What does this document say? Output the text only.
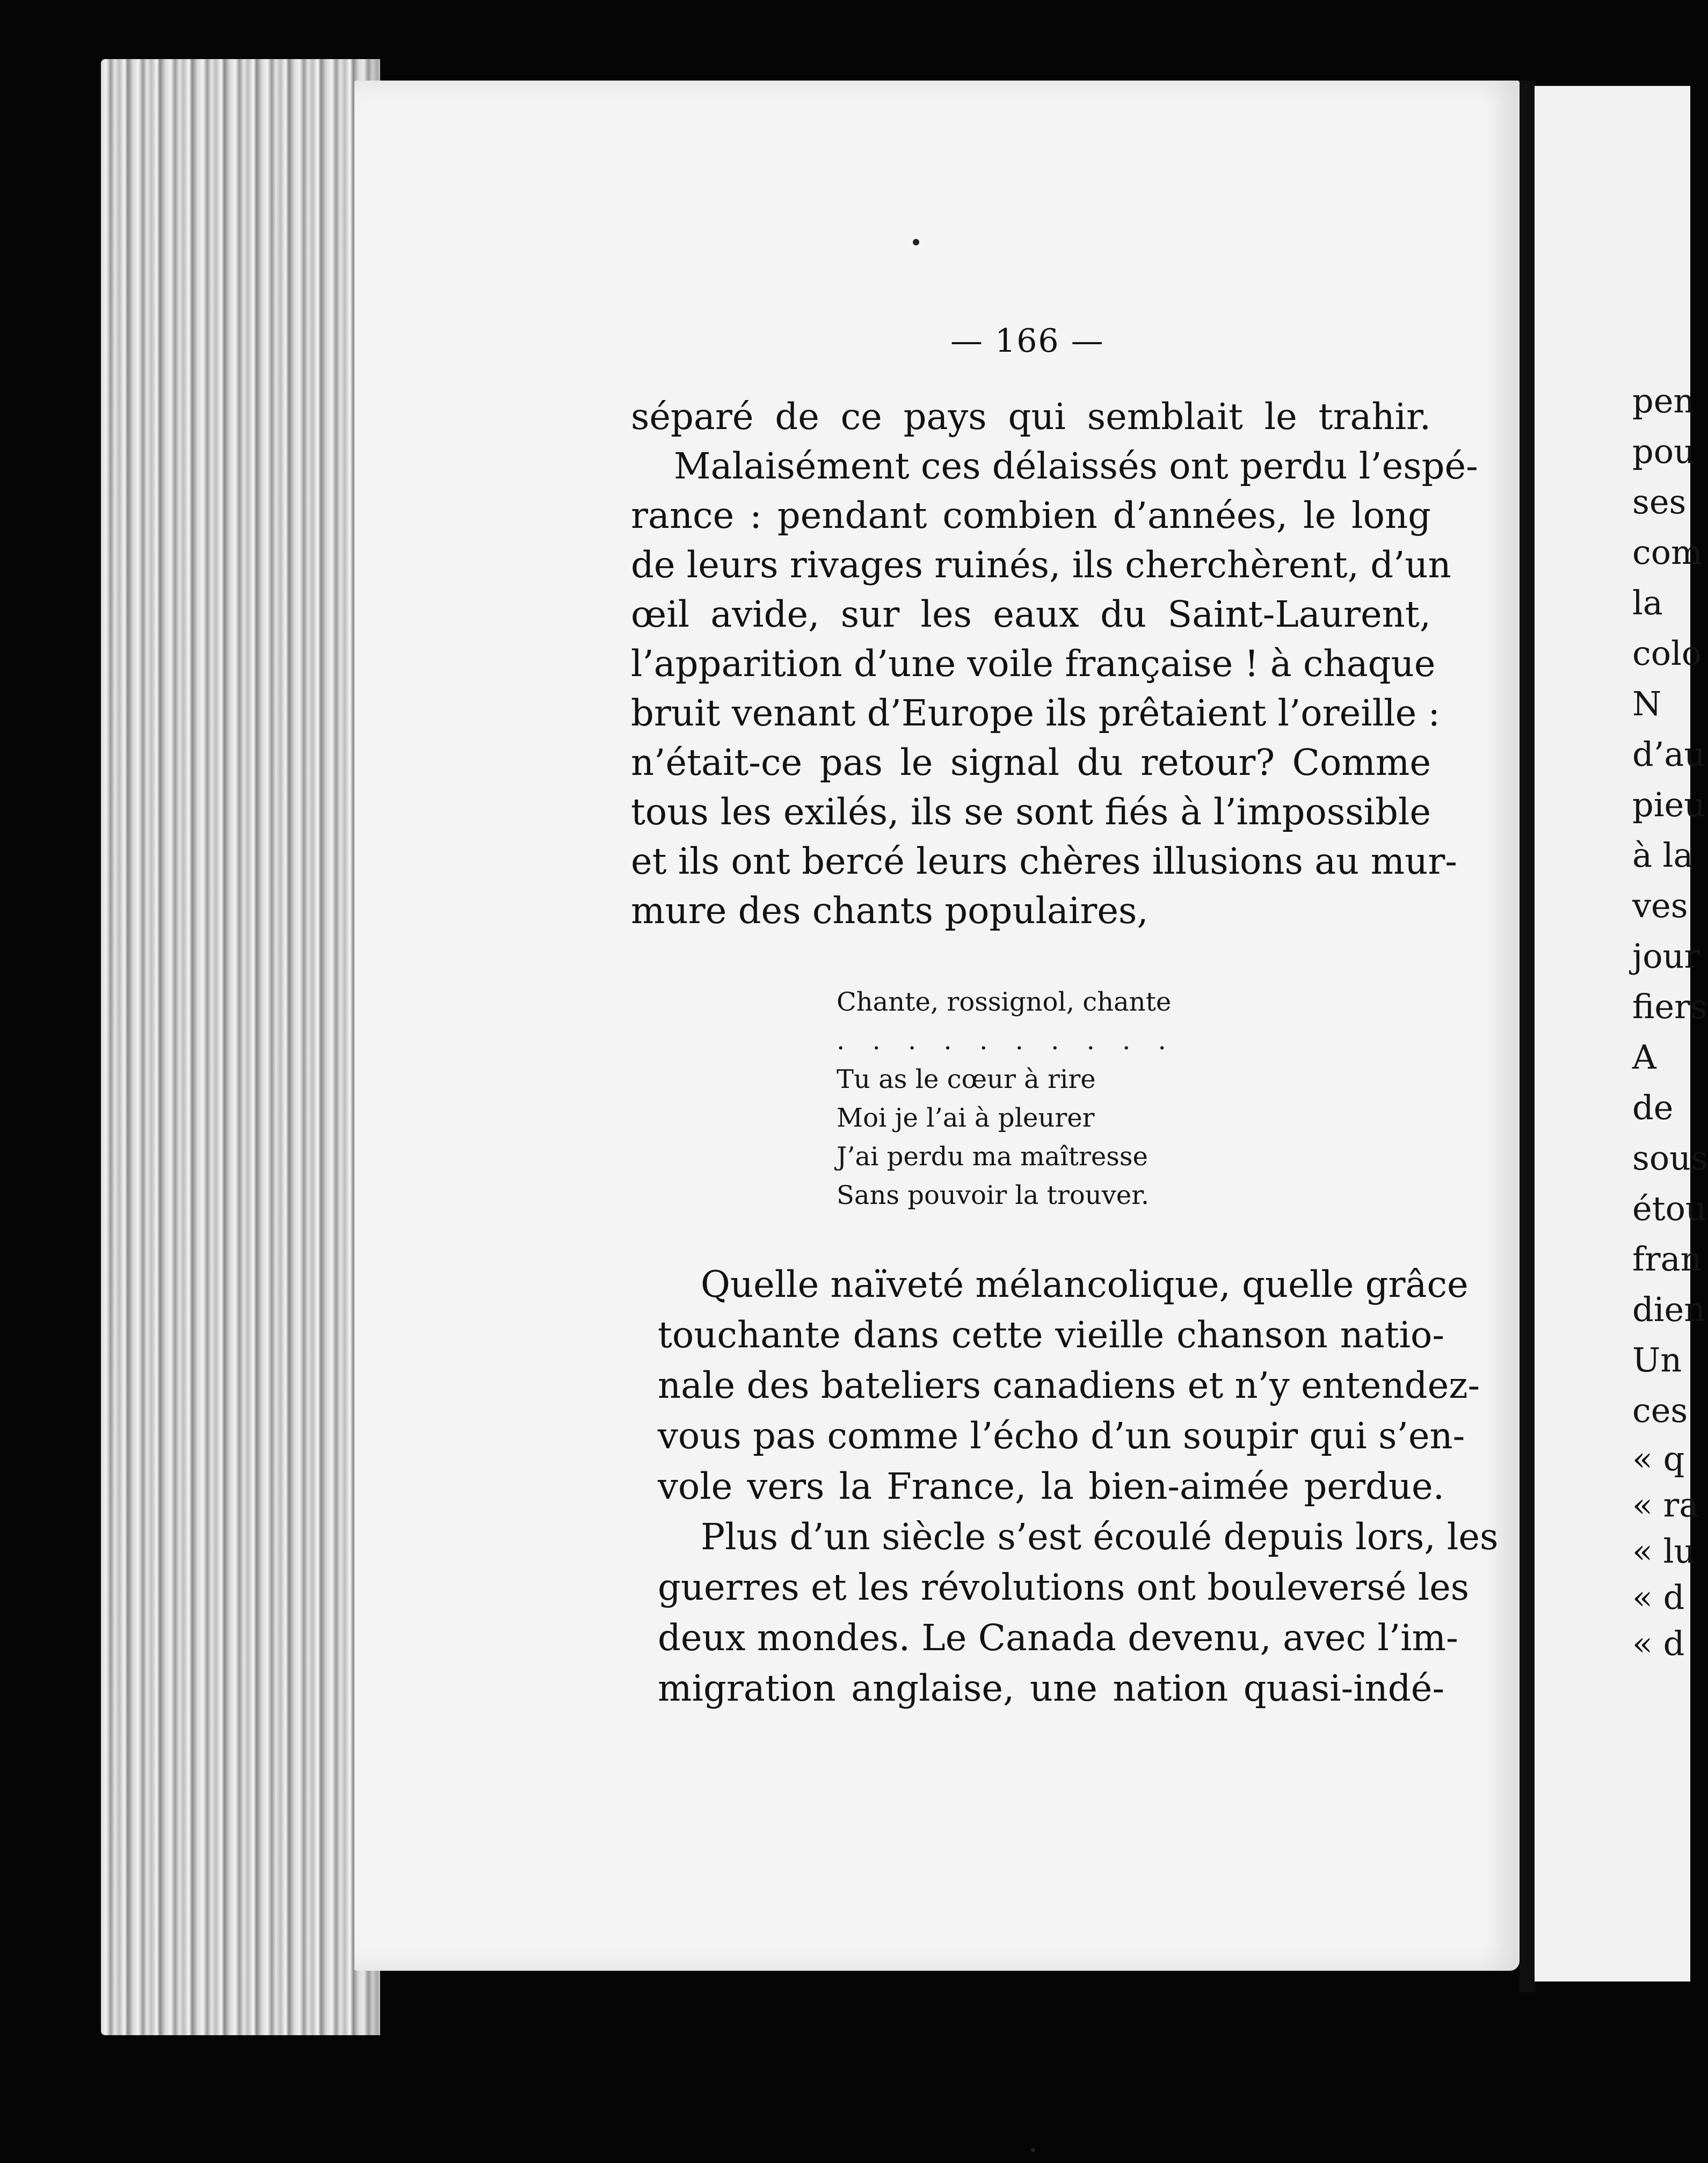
— 166 —
séparé de ce pays qui semblait le trahir.
Malaisément ces délaissés ont perdu l’espé-
rance : pendant combien d’années, le long
de leurs rivages ruinés, ils cherchèrent, d’un
œil avide, sur les eaux du Saint-Laurent,
l’apparition d’une voile française ! à chaque
bruit venant d’Europe ils prêtaient l’oreille :
n’était-ce pas le signal du retour? Comme
tous les exilés, ils se sont fiés à l’impossible
et ils ont bercé leurs chères illusions au mur-
mure des chants populaires,
Chante, rossignol, chante
. . . . . . . . . .
Tu as le cœur à rire
Moi je l’ai à pleurer
J’ai perdu ma maîtresse
Sans pouvoir la trouver.
Quelle naïveté mélancolique, quelle grâce
touchante dans cette vieille chanson natio-
nale des bateliers canadiens et n’y entendez-
vous pas comme l’écho d’un soupir qui s’en-
vole vers la France, la bien-aimée perdue.
Plus d’un siècle s’est écoulé depuis lors, les
guerres et les révolutions ont bouleversé les
deux mondes. Le Canada devenu, avec l’im-
migration anglaise, une nation quasi-indé-
pen
pou
ses
com
la
colo
N
d’au
pieu
à la
ves
jour
fiers
A
de
sous
étou
fran
dien
Un
ces
« q
« ra
« lu
« d
« d
